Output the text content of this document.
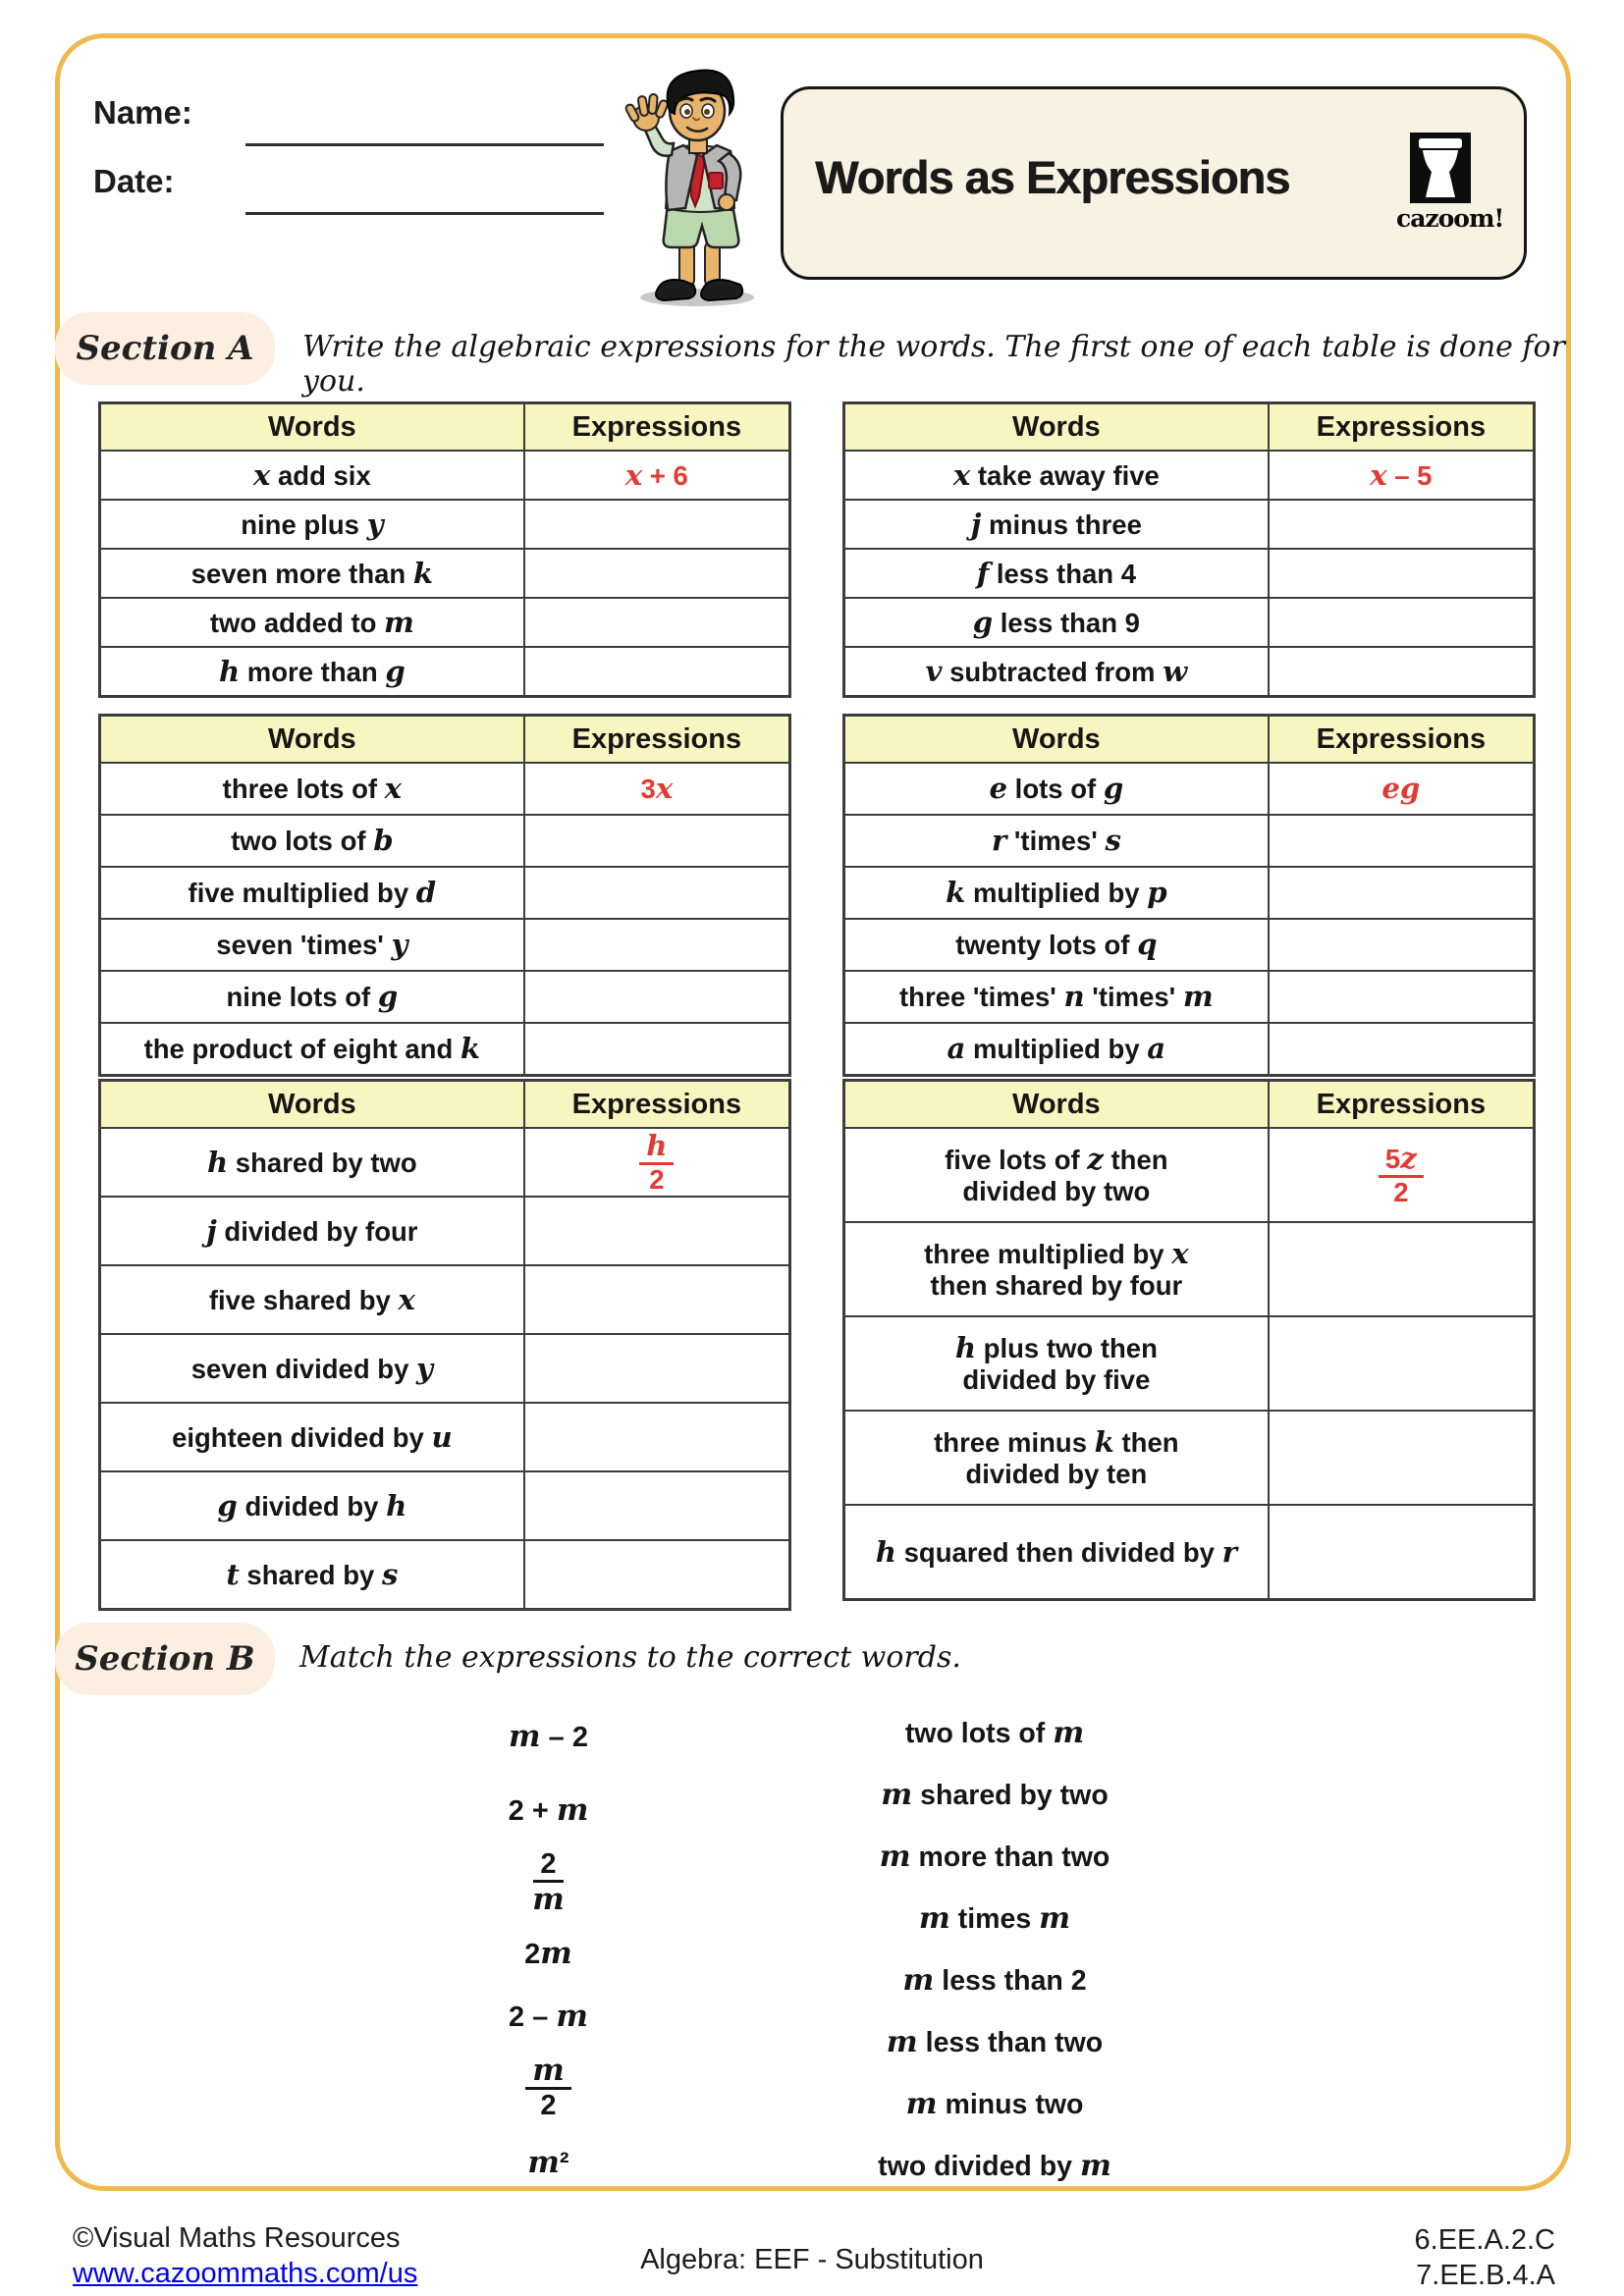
Name:
Date:	Words as Expressions
cazoom!
Section A	Write the algebraic expressions for the words. The first one of each table is done for you.
Words	Expressions
x add six	x + 6
nine plus y	
seven more than k	
two added to m	
h more than g	
Words	Expressions
x take away five	x – 5
j minus three	
f less than 4	
g less than 9	
v subtracted from w	
Words	Expressions
three lots of x	3x
two lots of b	
five multiplied by d	
seven 'times' y	
nine lots of g	
the product of eight and k	
Words	Expressions
e lots of g	eg
r 'times' s	
k multiplied by p	
twenty lots of q	
three 'times' n 'times' m	
a multiplied by a	
Words	Expressions
h shared by two	$\frac{h}{2}$

j divided by four	
five shared by x	
seven divided by y	
eighteen divided by u	
g divided by h	
t shared by s	
Words	Expressions
five lots of z then
divided by two	$\frac{5z}{2}$

three multiplied by x
then shared by four	
h plus two then
divided by five	
three minus k then
divided by ten	
h squared then divided by r	
Section B	Match the expressions to the correct words.
m – 2
2 + m
$\frac{2}{m}$
2m
2 – m
$\frac{m}{2}$
m²
two lots of m
m shared by two
m more than two
m times m
m less than 2
m less than two
m minus two
two divided by m
©Visual Maths Resources
www.cazoommaths.com/us	Algebra: EEF - Substitution
6.EE.A.2.C
7.EE.B.4.A
